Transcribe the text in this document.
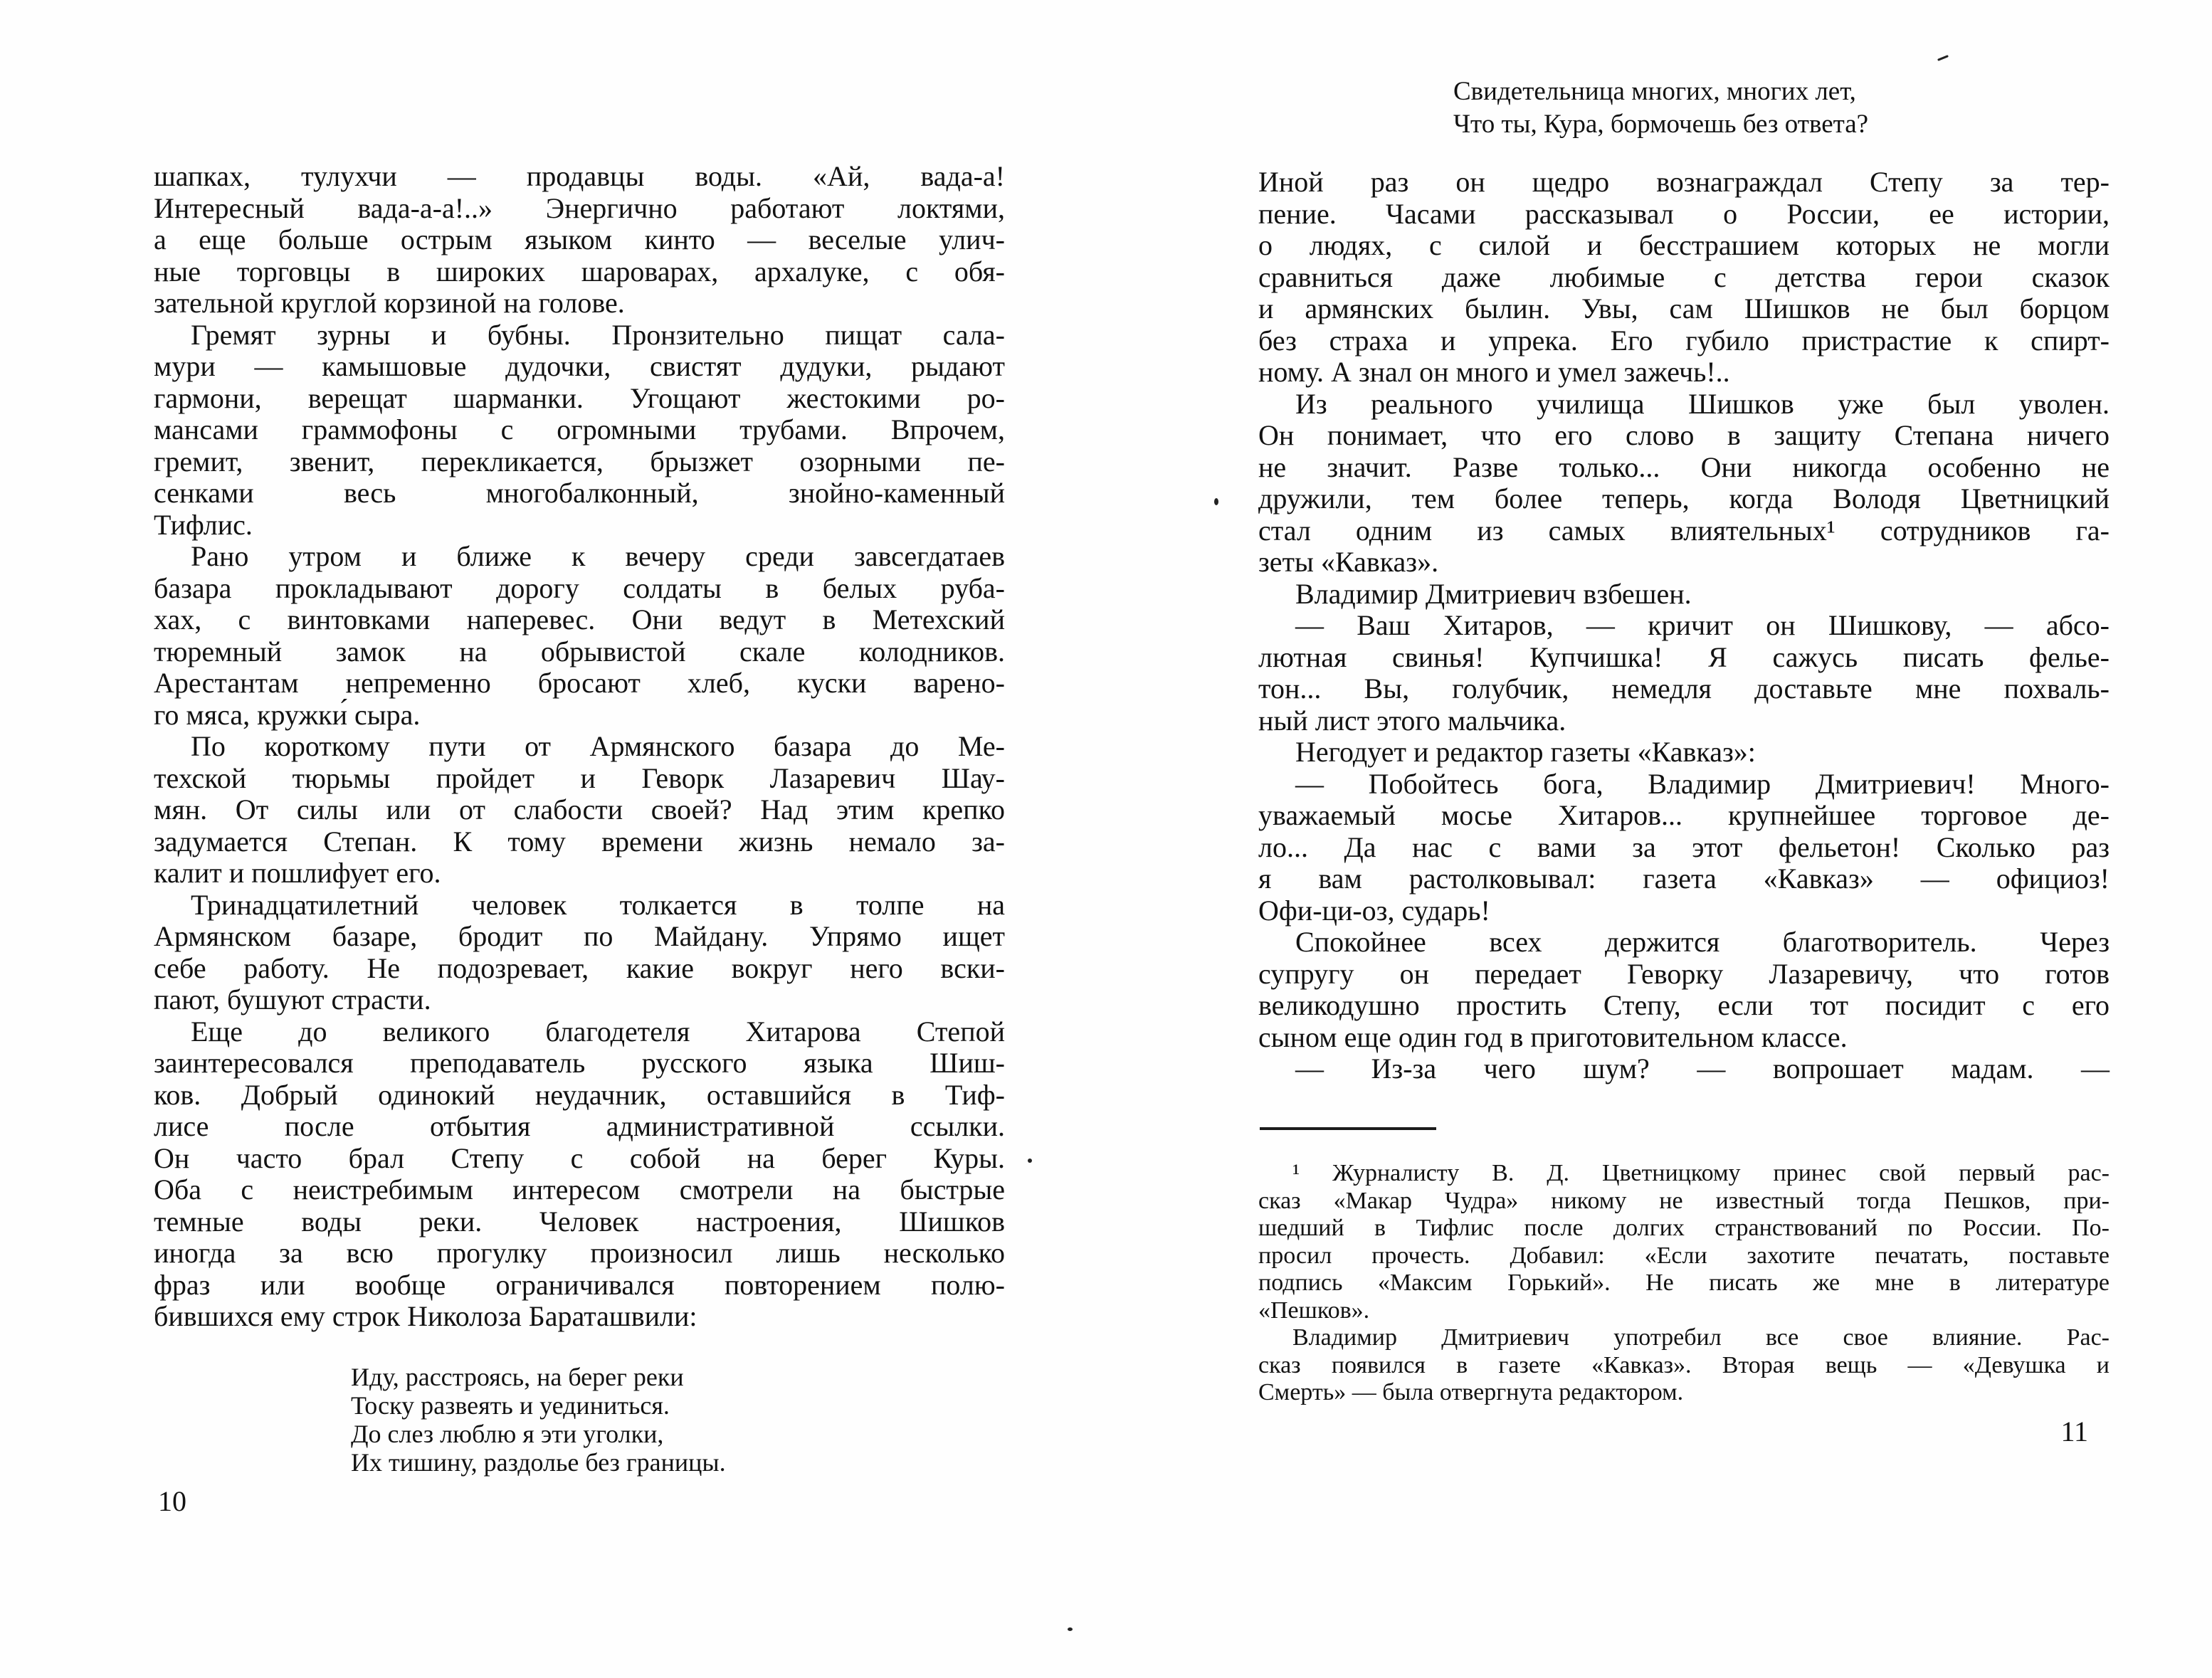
шапках, тулухчи — продавцы воды. «Ай, вада-а!
Интересный вада-а-а!..» Энергично работают локтями,
а еще больше острым языком кинто — веселые улич-
ные торговцы в широких шароварах, архалуке, с обя-
зательной круглой корзиной на голове.
Гремят зурны и бубны. Пронзительно пищат сала-
мури — камышовые дудочки, свистят дудуки, рыдают
гармони, верещат шарманки. Угощают жестокими ро-
мансами граммофоны с огромными трубами. Впрочем,
гремит, звенит, перекликается, брызжет озорными пе-
сенками весь многобалконный, знойно-каменный
Тифлис.
Рано утром и ближе к вечеру среди завсегдатаев
базара прокладывают дорогу солдаты в белых руба-
хах, с винтовками наперевес. Они ведут в Метехский
тюремный замок на обрывистой скале колодников.
Арестантам непременно бросают хлеб, куски варено-
го мяса, кружки́ сыра.
По короткому пути от Армянского базара до Ме-
техской тюрьмы пройдет и Геворк Лазаревич Шау-
мян. От силы или от слабости своей? Над этим крепко
задумается Степан. К тому времени жизнь немало за-
калит и пошлифует его.
Тринадцатилетний человек толкается в толпе на
Армянском базаре, бродит по Майдану. Упрямо ищет
себе работу. Не подозревает, какие вокруг него вски-
пают, бушуют страсти.
Еще до великого благодетеля Хитарова Степой
заинтересовался преподаватель русского языка Шиш-
ков. Добрый одинокий неудачник, оставшийся в Тиф-
лисе после отбытия административной ссылки.
Он часто брал Степу с собой на берег Куры.
Оба с неистребимым интересом смотрели на быстрые
темные воды реки. Человек настроения, Шишков
иногда за всю прогулку произносил лишь несколько
фраз или вообще ограничивался повторением полю-
бившихся ему строк Николоза Бараташвили:
Иду, расстроясь, на берег реки
Тоску развеять и уединиться.
До слез люблю я эти уголки,
Их тишину, раздолье без границы.
10
Свидетельница многих, многих лет,
Что ты, Кура, бормочешь без ответа?
Иной раз он щедро вознаграждал Степу за тер-
пение. Часами рассказывал о России, ее истории,
о людях, с силой и бесстрашием которых не могли
сравниться даже любимые с детства герои сказок
и армянских былин. Увы, сам Шишков не был борцом
без страха и упрека. Его губило пристрастие к спирт-
ному. А знал он много и умел зажечь!..
Из реального училища Шишков уже был уволен.
Он понимает, что его слово в защиту Степана ничего
не значит. Разве только... Они никогда особенно не
дружили, тем более теперь, когда Володя Цветницкий
стал одним из самых влиятельных¹ сотрудников га-
зеты «Кавказ».
Владимир Дмитриевич взбешен.
— Ваш Хитаров, — кричит он Шишкову, — абсо-
лютная свинья! Купчишка! Я сажусь писать фелье-
тон... Вы, голубчик, немедля доставьте мне похваль-
ный лист этого мальчика.
Негодует и редактор газеты «Кавказ»:
— Побойтесь бога, Владимир Дмитриевич! Много-
уважаемый мосье Хитаров... крупнейшее торговое де-
ло... Да нас с вами за этот фельетон! Сколько раз
я вам растолковывал: газета «Кавказ» — официоз!
Офи-ци-оз, сударь!
Спокойнее всех держится благотворитель. Через
супругу он передает Геворку Лазаревичу, что готов
великодушно простить Степу, если тот посидит с его
сыном еще один год в приготовительном классе.
— Из-за чего шум? — вопрошает мадам. —
¹ Журналисту В. Д. Цветницкому принес свой первый рас-
сказ «Макар Чудра» никому не известный тогда Пешков, при-
шедший в Тифлис после долгих странствований по России. По-
просил прочесть. Добавил: «Если захотите печатать, поставьте
подпись «Максим Горький». Не писать же мне в литературе
«Пешков».
Владимир Дмитриевич употребил все свое влияние. Рас-
сказ появился в газете «Кавказ». Вторая вещь — «Девушка и
Смерть» — была отвергнута редактором.
11
